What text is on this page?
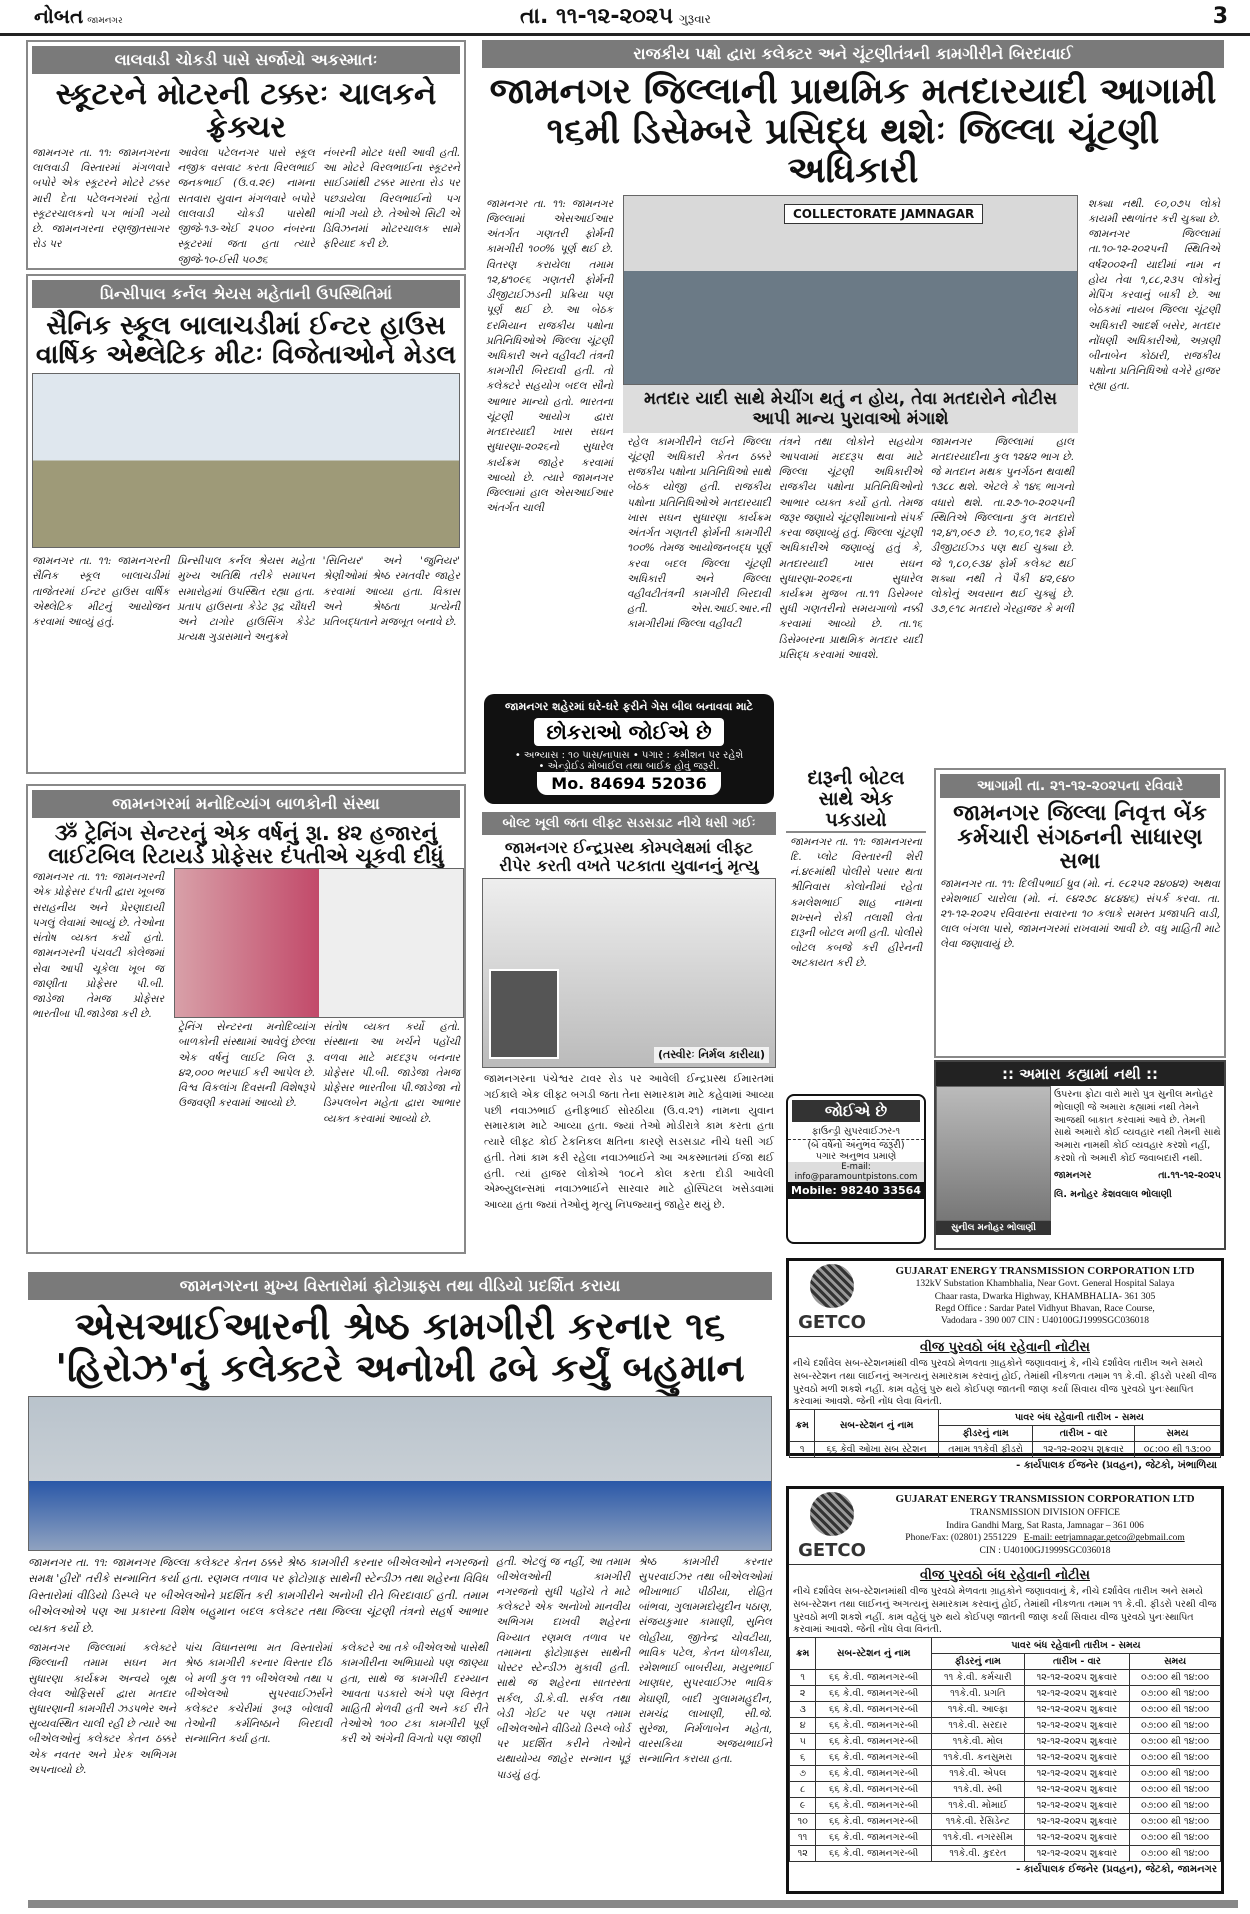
નોબત જામનગર	તા. ૧૧-૧૨-૨૦૨૫ ગુરૂવાર	3
લાલવાડી ચોકડી પાસે સર્જાયો અકસ્માતઃ
સ્કૂટરને મોટરની ટક્કરઃ ચાલકને ફ્રેક્ચર

જામનગર તા. ૧૧: જામનગરના લાલવાડી વિસ્તારમાં મંગળવારે બપોરે એક સ્કૂટરને મોટરે ટક્કર મારી દેતા પટેલનગરમાં રહેતા સ્કૂટરચાલકનો પગ ભાંગી ગયો છે. જામનગરના રણજીતસાગર રોડ પર

આવેલા પટેલનગર પાસે સ્કૂલ નજીક વસવાટ કરતા વિરલભાઈ જનકભાઈ (ઉ.વ.૨૯) નામના સતવારા યુવાન મંગળવારે બપોરે લાલવાડી ચોકડી પાસેથી જીજે-૧૩-એઈ ૨૫૦૦ નંબરના સ્કૂટરમાં જતા હતા ત્યારે જીજે-૧૦-ઈસી ૫૦૭૬

નંબરની મોટર ધસી આવી હતી. આ મોટરે વિરલભાઈના સ્કૂટરને સાઈડમાંથી ટક્કર મારતા રોડ પર પછડાયેલા વિરલભાઈનો પગ ભાંગી ગયો છે. તેઓએ સિટી એ ડિવિઝનમાં મોટરચાલક સામે ફરિયાદ કરી છે.

પ્રિન્સીપાલ કર્નલ શ્રેયસ મહેતાની ઉપસ્થિતિમાં
સૈનિક સ્કૂલ બાલાચડીમાં ઈન્ટર હાઉસ
વાર્ષિક એથ્લેટિક મીટઃ વિજેતાઓને મેડલ

જામનગર તા. ૧૧: જામનગરની સૈનિક સ્કૂલ બાલાચડીમાં તાજેતરમાં ઈન્ટર હાઉસ વાર્ષિક એથ્લેટિક મીટનું આયોજન કરવામાં આવ્યું હતું.

પ્રિન્સીપાલ કર્નલ શ્રેયસ મહેતા મુખ્ય અતિથિ તરીકે સમાપન સમારોહમાં ઉપસ્થિત રહ્યા હતા. પ્રતાપ હાઉસના કેડેટ રૂદ્ર ચૌધરી અને ટાગોર હાઉસિંગ કેડેટ પ્રત્યક્ષ ગુડાસમાને અનુક્રમે

'સિનિયર' અને 'જુનિયર' શ્રેણીઓમાં શ્રેષ્ઠ રમતવીર જાહેર કરવામાં આવ્યા હતા. વિકાસ અને શ્રેષ્ઠતા પ્રત્યેની પ્રતિબદ્ધતાને મજબૂત બનાવે છે.

રાજકીય પક્ષો દ્વારા કલેક્ટર અને ચૂંટણીતંત્રની કામગીરીને બિરદાવાઈ
જામનગર જિલ્લાની પ્રાથમિક મતદારયાદી આગામી
૧૬મી ડિસેમ્બરે પ્રસિદ્ધ થશેઃ જિલ્લા ચૂંટણી અધિકારી

જામનગર તા. ૧૧: જામનગર જિલ્લામાં એસઆઈઆર અંતર્ગત ગણતરી ફોર્મની કામગીરી ૧૦૦% પૂર્ણ થઈ છે. વિતરણ કરાયેલા તમામ ૧૨,૪૧૦૯૬ ગણતરી ફોર્મની ડીજીટાઈઝડની પ્રક્રિયા પણ પૂર્ણ થઈ છે. આ બેઠક દરમિયાન રાજકીય પક્ષોના પ્રતિનિધિઓએ જિલ્લા ચૂંટણી અધિકારી અને વહીવટી તંત્રની કામગીરી બિરદાવી હતી. તો કલેક્ટરે સહયોગ બદલ સૌનો આભાર માન્યો હતો. ભારતના ચૂંટણી આયોગ દ્વારા મતદારયાદી ખાસ સઘન સુધારણા-૨૦૨૬નો સુધારેલ કાર્યક્રમ જાહેર કરવામાં આવ્યો છે. ત્યારે જામનગર જિલ્લામાં હાલ એસઆઈઆર અંતર્ગત ચાલી

COLLECTORATE JAMNAGAR
મતદાર યાદી સાથે મેચીંગ થતું ન હોય, તેવા મતદારોને નોટીસ આપી માન્ય પુરાવાઓ મંગાશે

રહેલ કામગીરીને લઈને જિલ્લા ચૂંટણી અધિકારી કેતન ઠક્કરે રાજકીય પક્ષોના પ્રતિનિધિઓ સાથે બેઠક યોજી હતી. રાજકીય પક્ષોના પ્રતિનિધિઓએ મતદારયાદી ખાસ સઘન સુધારણા કાર્યક્રમ અંતર્ગત ગણતરી ફોર્મની કામગીરી ૧૦૦% તેમજ આયોજનબદ્ધ પૂર્ણ કરવા બદલ જિલ્લા ચૂંટણી અધિકારી અને જિલ્લા વહીવટીતંત્રની કામગીરી બિરદાવી હતી. એસ.આઈ.આર.ની કામગીરીમાં જિલ્લા વહીવટી

તંત્રને તથા લોકોને સહયોગ આપવામાં મદદરૂપ થવા માટે જિલ્લા ચૂંટણી અધિકારીએ રાજકીય પક્ષોના પ્રતિનિધિઓનો આભાર વ્યક્ત કર્યો હતો. તેમજ જરૂર જણાયે ચૂંટણીશાખાનો સંપર્ક કરવા જણાવ્યું હતું. જિલ્લા ચૂંટણી અધિકારીએ જણાવ્યું હતું કે, મતદારયાદી ખાસ સઘન સુધારણા-૨૦૨૬ના સુધારેલ કાર્યક્રમ મુજબ તા.૧૧ ડિસેમ્બર સુધી ગણતરીનો સમયગાળો નક્કી કરવામાં આવ્યો છે. તા.૧૬ ડિસેમ્બરના પ્રાથમિક મતદાર યાદી પ્રસિદ્ધ કરવામાં આવશે.

જામનગર જિલ્લામાં હાલ મતદારયાદીના કુલ ૧૨૪૨ ભાગ છે. જે મતદાન મથક પુનર્ગઠન થવાથી ૧૩૮૮ થશે. એટલે કે ૧૪૬ ભાગનો વધારો થશે. તા.૨૭-૧૦-૨૦૨૫ની સ્થિતિએ જિલ્લાના કુલ મતદારો ૧૨,૪૧,૦૯૭ છે. ૧૦,૬૦,૧૬૨ ફોર્મ ડીજીટાઈઝ્ડ પણ થઈ ચુક્યા છે. જે ૧,૮૦,૯૩૪ ફોર્મ કલેક્ટ થઈ શક્યા નથી તે પૈકી ૪૨,૯૪૦ લોકોનું અવસાન થઈ ચુક્યું છે. ૩૭,૯૧૮ મતદારો ગેરહાજર કે મળી

શક્યા નથી. ૯૦,૦૭૫ લોકો કાયમી સ્થળાંતર કરી ચુક્યા છે. જામનગર જિલ્લામાં તા.૧૦-૧૨-૨૦૨૫ની સ્થિતિએ વર્ષ૨૦૦૨ની યાદીમાં નામ ન હોય તેવા ૧,૮૮,૨૩૫ લોકોનું મેપિંગ કરવાનું બાકી છે. આ બેઠકમાં નાયબ જિલ્લા ચૂંટણી અધિકારી આદર્શ બસેર, મતદાર નોંધણી અધિકારીઓ, અગ્રણી બીનાબેન કોઠારી, રાજકીય પક્ષોના પ્રતિનિધિઓ વગેરે હાજર રહ્યા હતા.

જામનગર શહેરમાં ઘરે-ઘરે ફરીને ગેસ બીલ બનાવવા માટે
છોકરાઓ જોઈએ છે
• અભ્યાસ : ૧૦ પાસ/નાપાસ • પગાર : કમીશન પર રહેશે
• એન્ડ્રોઈડ મોબાઈલ તથા બાઈક હોવું જરૂરી.
Mo. 84694 52036
જામનગરમાં મનોદિવ્યાંગ બાળકોની સંસ્થા
ૐ ટ્રેનિંગ સેન્ટરનું એક વર્ષનું રૂા. ૪૨ હજારનું
લાઈટબિલ રિટાયર્ડ પ્રોફેસર દંપતીએ ચૂકવી દીધું

જામનગર તા. ૧૧: જામનગરની એક પ્રોફેસર દંપતી દ્વારા ખૂબજ સરાહનીય અને પ્રેરણાદાયી પગલું લેવામાં આવ્યું છે. તેઓના સંતોષ વ્યક્ત કર્યો હતો. જામનગરની પંચવટી કોલેજમાં સેવા આપી ચૂકેલા ખૂબ જ જાણીતા પ્રોફેસર પી.બી. જાડેજા તેમજ પ્રોફેસર ભારતીબા પી.જાડેજા કરી છે.

ટ્રેનિંગ સેન્ટરના મનોદિવ્યાંગ બાળકોની સંસ્થામાં આવેલું છેલ્લા એક વર્ષનું લાઈટ બિલ રૂ. ૪૨,૦૦૦ ભરપાઈ કરી આપેલ છે. વિશ્વ વિકલાંગ દિવસની વિશેષરૂપે ઉજવણી કરવામાં આવ્યો છે.

સંતોષ વ્યક્ત કર્યો હતો. સંસ્થાના આ ખર્ચને પહોંચી વળવા માટે મદદરૂપ બનનાર પ્રોફેસર પી.બી. જાડેજા તેમજ પ્રોફેસર ભારતીબા પી.જાડેજા નો ડિમ્પલબેન મહેતા દ્વારા આભાર વ્યક્ત કરવામાં આવ્યો છે.

બોલ્ટ ખૂલી જતા લીફ્ટ સડસડાટ નીચે ધસી ગઈઃ
જામનગર ઈન્દ્રપ્રસ્થ કોમ્પલેક્ષમાં લીફ્ટ
રીપેર કરતી વખતે પટકાતા યુવાનનું મૃત્યુ
(તસ્વીરઃ નિર્મલ કારીયા)
જામનગરના પંચેશ્વર ટાવર રોડ પર આવેલી ઈન્દ્રપ્રસ્થ ઈમારતમાં ગઈકાલે એક લીફ્ટ બગડી જતા તેના સમારકામ માટે કહેવામાં આવ્યા પછી નવાઝભાઈ હનીફભાઈ સોરઠીયા (ઉ.વ.૨૧) નામના યુવાન સમારકામ માટે આવ્યા હતા. જ્યાં તેઓ મોડીરાત્રે કામ કરતા હતા ત્યારે લીફ્ટ કોઈ ટેકનિકલ ક્ષતિના કારણે સડસડાટ નીચે ધસી ગઈ હતી. તેમાં કામ કરી રહેલા નવાઝભાઈને આ અકસ્માતમાં ઈજા થઈ હતી. ત્યાં હાજર લોકોએ ૧૦૮ને કોલ કરતા દોડી આવેલી એમ્બ્યુલન્સમાં નવાઝભાઈને સારવાર માટે હોસ્પિટલ ખસેડવામાં આવ્યા હતા જ્યાં તેઓનું મૃત્યુ નિપજ્યાનું જાહેર થયું છે.
દારૂની બોટલ સાથે એક પકડાયો

જામનગર તા. ૧૧: જામનગરના દિ. પ્લોટ વિસ્તારની શેરી નં.૪૯માંથી પોલીસે પસાર થતા શ્રીનિવાસ કોલોનીમાં રહેતા કમલેશભાઈ શાહ નામના શખ્સને રોકી તલાશી લેતા દારૂની બોટલ મળી હતી. પોલીસે બોટલ કબજે કરી હીરેનની અટકાયત કરી છે.

આગામી તા. ૨૧-૧૨-૨૦૨૫ના રવિવારે
જામનગર જિલ્લા નિવૃત્ત બેંક
કર્મચારી સંગઠનની સાધારણ સભા

જામનગર તા. ૧૧: દિલીપભાઈ ધ્રુવ (મો. નં. ૯૮૨૫૨ ૨૪૦૪૨) અથવા રમેશભાઈ ચારોલા (મો. નં. ૯૪૨૭૮ ૪૮૪૪૬) સંપર્ક કરવા. તા. ૨૧-૧૨-૨૦૨૫ રવિવારના સવારના ૧૦ કલાકે સમસ્ત પ્રજાપતિ વાડી, લાલ બંગલા પાસે, જામનગરમાં રાખવામાં આવી છે. વધુ માહિતી માટે લેવા જણાવાયું છે.

જોઈએ છે
ફાઉન્ડ્રી સુપરવાઈઝર-૧
(બે વર્ષનો અનુભવ જરૂરી)
પગાર અનુભવ પ્રમાણે
E-mail:
info@paramountpistons.com
Mobile: 98240 33564
:: અમારા કહ્યામાં નથી ::
સુનીલ મનોહર ભોલાણી
ઉપરના ફોટા વારો મારો પુત્ર સુનીલ મનોહર ભોલાણી જે અમારા કહ્યામાં નથી તેમને આજથી બાકાત કરવામાં આવે છે. તેમની સાથે અમારો કોઈ વ્યવહાર નથી તેમની સાથે અમારા નામથી કોઈ વ્યવહાર કરશો નહીં, કરશો તો અમારી કોઈ જવાબદારી નથી.
જામનગર	તા.૧૧-૧૨-૨૦૨૫
લિ. મનોહર કેશવલાલ ભોલાણી
જામનગરના મુખ્ય વિસ્તારોમાં ફોટોગ્રાફ્સ તથા વીડિયો પ્રદર્શિત કરાયા
એસઆઈઆરની શ્રેષ્ઠ કામગીરી કરનાર ૧૬
'હિરોઝ'નું કલેક્ટરે અનોખી ઢબે કર્યું બહુમાન
જામનગર તા. ૧૧: જામનગર જિલ્લા કલેક્ટર કેતન ઠક્કરે શ્રેષ્ઠ કામગીરી કરનાર બીએલઓને નગરજનો સમક્ષ 'હીરો' તરીકે સન્માનિત કર્યા હતા. રણમલ તળાવ પર ફોટોગ્રાફ સાથેની સ્ટેન્ડીઝ તથા શહેરના વિવિધ વિસ્તારોમાં વીડિયો ડિસ્પ્લે પર બીએલઓને પ્રદર્શિત કરી કામગીરીને અનોખી રીતે બિરદાવાઈ હતી. તમામ બીએલઓએ પણ આ પ્રકારના વિશેષ બહુમાન બદલ કલેક્ટર તથા જિલ્લા ચૂંટણી તંત્રનો સહર્ષ આભાર વ્યક્ત કર્યો છે.

જામનગર જિલ્લામાં કલેક્ટરે જિલ્લાની તમામ સઘન મત સુધારણા કાર્યક્રમ અન્વયે બૂથ લેવલ ઓફિસર્સ દ્વારા મતદાર સુધારણાની કામગીરી ઝડપભેર અને સુવ્યવસ્થિત ચાલી રહી છે ત્યારે આ બીએલઓનું કલેક્ટર કેતન ઠક્કરે એક નવતર અને પ્રેરક અભિગમ અપનાવ્યો છે.

પાંચ વિધાનસભા મત વિસ્તારોમાં શ્રેષ્ઠ કામગીરી કરનાર વિસ્તાર દીઠ બે મળી કુલ ૧૧ બીએલઓ તથા ૫ બીએલઓ સુપરવાઈઝર્સને કલેક્ટર કચેરીમાં રૂબરૂ બોલાવી તેઓની કર્મનિષ્ઠાને બિરદાવી સન્માનિત કર્યા હતા.

કલેક્ટરે આ તકે બીએલઓ પાસેથી કામગીરીના અભિપ્રાયો પણ જાણ્યા હતા, સાથે જ કામગીરી દરમ્યાન આવતા પડકારો અંગે પણ વિસ્તૃત માહિતી મેળવી હતી અને કઈ રીતે તેઓએ ૧૦૦ ટકા કામગીરી પૂર્ણ કરી એ અંગેની વિગતો પણ જાણી

હતી. એટલું જ નહીં, આ તમામ બીએલઓની કામગીરી નગરજનો સુધી પહોંચે તે માટે કલેક્ટરે એક અનોખો માનવીય અભિગમ દાખવી શહેરના વિખ્યાત રણમલ તળાવ પર તમામના ફોટોગ્રાફ્સ સાથેની પોસ્ટર સ્ટેન્ડીઝ મુકાવી હતી. સાથે જ શહેરના સાતરસ્તા સર્કલ, ડી.કે.વી. સર્કલ તથા બેડી ગેઈટ પર પણ તમામ બીએલઓને વીડિયો ડિસ્પ્લે બોર્ડ પર પ્રદર્શિત કરીને તેઓને યથાયોગ્ય જાહેર સન્માન પૂરૂં પાડયું હતું.

શ્રેષ્ઠ કામગીરી કરનાર સુપરવાઈઝર તથા બીએલઓમાં ભીખાભાઈ પીઠીયા, રોહિત બાંભવા, ગુલામમદોયુદીન પઠાણ, સંજયકુમાર કામાણી, સુનિલ લોહીયા, જીતેન્દ્ર ચોવટીયા, ભાવિક પટેલ, કેતન ધોળકીયા, રમેશભાઈ બાબરીયા, મયુરભાઈ ખાણધર, સુપરવાઈઝર ભાવિક મેઘાણી, બાદી ગુલામમહુદીન, રામચંદ્ર લાખાણી, સી.જે. સુરેજા, નિર્મળાબેન મહેતા, વારસકિયા અજયભાઈને સન્માનિત કરાયા હતા.

GETCO
GUJARAT ENERGY TRANSMISSION CORPORATION LTD
132kV Substation Khambhalia, Near Govt. General Hospital Salaya
Chaar rasta, Dwarka Highway, KHAMBHALIA- 361 305
Regd Office : Sardar Patel Vidhyut Bhavan, Race Course,
Vadodara - 390 007 CIN : U40100GJ1999SGC036018
વીજ પુરવઠો બંધ રહેવાની નોટીસ
નીચે દર્શાવેલ સબ-સ્ટેશનમાંથી વીજ પુરવઠો મેળવતા ગ્રાહકોને જણાવવાનું કે, નીચે દર્શાવેલ તારીખ અને સમયે સબ-સ્ટેશન તથા લાઈનનું અગત્યનું સમારકામ કરવાનું હોઈ, તેમાંથી નીકળતા તમામ ૧૧ કે.વી. ફીડરો પરથી વીજ પુરવઠો મળી શકશે નહીં. કામ વહેલું પુરુ થયે કોઈપણ જાતની જાણ કર્યા સિવાય વીજ પુરવઠો પુનઃસ્થાપિત કરવામાં આવશે. જેની નોંધ લેવા વિનંતી.
ક્રમ	સબ-સ્ટેશન નું નામ	પાવર બંધ રહેવાની તારીખ - સમય		
		ફીડરનું નામ	તારીખ - વાર	સમય
૧	૬૬ કેવી ઓખા સબ સ્ટેશન	તમામ ૧૧કેવી ફીડરો	૧૨-૧૨-૨૦૨૫ શુક્રવાર	૦૮:૦૦ થી ૧૩:૦૦
- કાર્યપાલક ઈજનેર (પ્રવહન), જેટકો, ખંભાળિયા
GETCO
GUJARAT ENERGY TRANSMISSION CORPORATION LTD
TRANSMISSION DIVISION OFFICE
Indira Gandhi Marg, Sat Rasta, Jamnagar – 361 006
Phone/Fax: (02801) 2551229 E-mail: eetrjamnagar.getco@gebmail.com
CIN : U40100GJ1999SGC036018
વીજ પુરવઠો બંધ રહેવાની નોટીસ
નીચે દર્શાવેલ સબ-સ્ટેશનમાંથી વીજ પુરવઠો મેળવતા ગ્રાહકોને જણાવવાનું કે, નીચે દર્શાવેલ તારીખ અને સમયે સબ-સ્ટેશન તથા લાઈનનું અગત્યનું સમારકામ કરવાનું હોઈ, તેમાંથી નીકળતા તમામ ૧૧ કે.વી. ફીડરો પરથી વીજ પુરવઠો મળી શકશે નહીં. કામ વહેલું પુરુ થયે કોઈપણ જાતની જાણ કર્યા સિવાય વીજ પુરવઠો પુનઃસ્થાપિત કરવામાં આવશે. જેની નોંધ લેવા વિનંતી.
ક્રમ	સબ-સ્ટેશન નું નામ	પાવર બંધ રહેવાની તારીખ - સમય		
		ફીડરનું નામ	તારીખ - વાર	સમય
૧	૬૬ કે.વી. જામનગર-બી	૧૧ કે.વી. કર્મચારી	૧૨-૧૨-૨૦૨૫ શુક્રવાર	૦૭:૦૦ થી ૧૪:૦૦
૨	૬૬ કે.વી. જામનગર-બી	૧૧કે.વી. પ્રગતિ	૧૨-૧૨-૨૦૨૫ શુક્રવાર	૦૭:૦૦ થી ૧૪:૦૦
૩	૬૬ કે.વી. જામનગર-બી	૧૧કે.વી. આલ્ફા	૧૨-૧૨-૨૦૨૫ શુક્રવાર	૦૭:૦૦ થી ૧૪:૦૦
૪	૬૬ કે.વી. જામનગર-બી	૧૧કે.વી. સરદાર	૧૨-૧૨-૨૦૨૫ શુક્રવાર	૦૭:૦૦ થી ૧૪:૦૦
૫	૬૬ કે.વી. જામનગર-બી	૧૧કે.વી. મોલ	૧૨-૧૨-૨૦૨૫ શુક્રવાર	૦૭:૦૦ થી ૧૪:૦૦
૬	૬૬ કે.વી. જામનગર-બી	૧૧કે.વી. કનસુમરા	૧૨-૧૨-૨૦૨૫ શુક્રવાર	૦૭:૦૦ થી ૧૪:૦૦
૭	૬૬ કે.વી. જામનગર-બી	૧૧કે.વી. એપલ	૧૨-૧૨-૨૦૨૫ શુક્રવાર	૦૭:૦૦ થી ૧૪:૦૦
૮	૬૬ કે.વી. જામનગર-બી	૧૧કે.વી. સ્બી	૧૨-૧૨-૨૦૨૫ શુક્રવાર	૦૭:૦૦ થી ૧૪:૦૦
૯	૬૬ કે.વી. જામનગર-બી	૧૧કે.વી. મોમાઈ	૧૨-૧૨-૨૦૨૫ શુક્રવાર	૦૭:૦૦ થી ૧૪:૦૦
૧૦	૬૬ કે.વી. જામનગર-બી	૧૧કે.વી. રેસિડેન્ટ	૧૨-૧૨-૨૦૨૫ શુક્રવાર	૦૭:૦૦ થી ૧૪:૦૦
૧૧	૬૬ કે.વી. જામનગર-બી	૧૧કે.વી. નગરસીમ	૧૨-૧૨-૨૦૨૫ શુક્રવાર	૦૭:૦૦ થી ૧૪:૦૦
૧૨	૬૬ કે.વી. જામનગર-બી	૧૧કે.વી. કુદરત	૧૨-૧૨-૨૦૨૫ શુક્રવાર	૦૭:૦૦ થી ૧૪:૦૦
- કાર્યપાલક ઈજનેર (પ્રવહન), જેટકો, જામનગર
